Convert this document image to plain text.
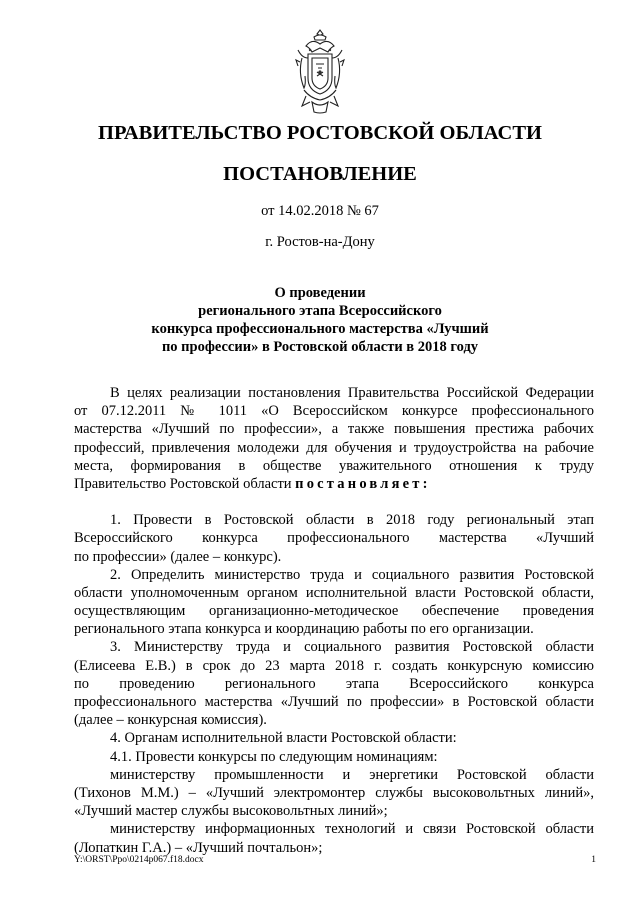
ПРАВИТЕЛЬСТВО РОСТОВСКОЙ ОБЛАСТИ
ПОСТАНОВЛЕНИЕ
от 14.02.2018 № 67
г. Ростов-на-Дону
О проведении
регионального этапа Всероссийского
конкурса профессионального мастерства «Лучший
по профессии» в Ростовской области в 2018 году
В целях реализации постановления Правительства Российской Федерации
от 07.12.2011 № 1011 «О Всероссийском конкурсе профессионального
мастерства «Лучший по профессии», а также повышения престижа рабочих
профессий, привлечения молодежи для обучения и трудоустройства на рабочие
места, формирования в обществе уважительного отношения к труду
Правительство Ростовской области постановляет:
1. Провести в Ростовской области в 2018 году региональный этап
Всероссийского конкурса профессионального мастерства «Лучший
по профессии» (далее – конкурс).
2. Определить министерство труда и социального развития Ростовской
области уполномоченным органом исполнительной власти Ростовской области,
осуществляющим организационно-методическое обеспечение проведения
регионального этапа конкурса и координацию работы по его организации.
3. Министерству труда и социального развития Ростовской области
(Елисеева Е.В.) в срок до 23 марта 2018 г. создать конкурсную комиссию
по проведению регионального этапа Всероссийского конкурса
профессионального мастерства «Лучший по профессии» в Ростовской области
(далее – конкурсная комиссия).
4. Органам исполнительной власти Ростовской области:
4.1. Провести конкурсы по следующим номинациям:
министерству промышленности и энергетики Ростовской области
(Тихонов М.М.) – «Лучший электромонтер службы высоковольтных линий»,
«Лучший мастер службы высоковольтных линий»;
министерству информационных технологий и связи Ростовской области
(Лопаткин Г.А.) – «Лучший почтальон»;
Y:\ORST\Ppo\0214p067.f18.docx	1
